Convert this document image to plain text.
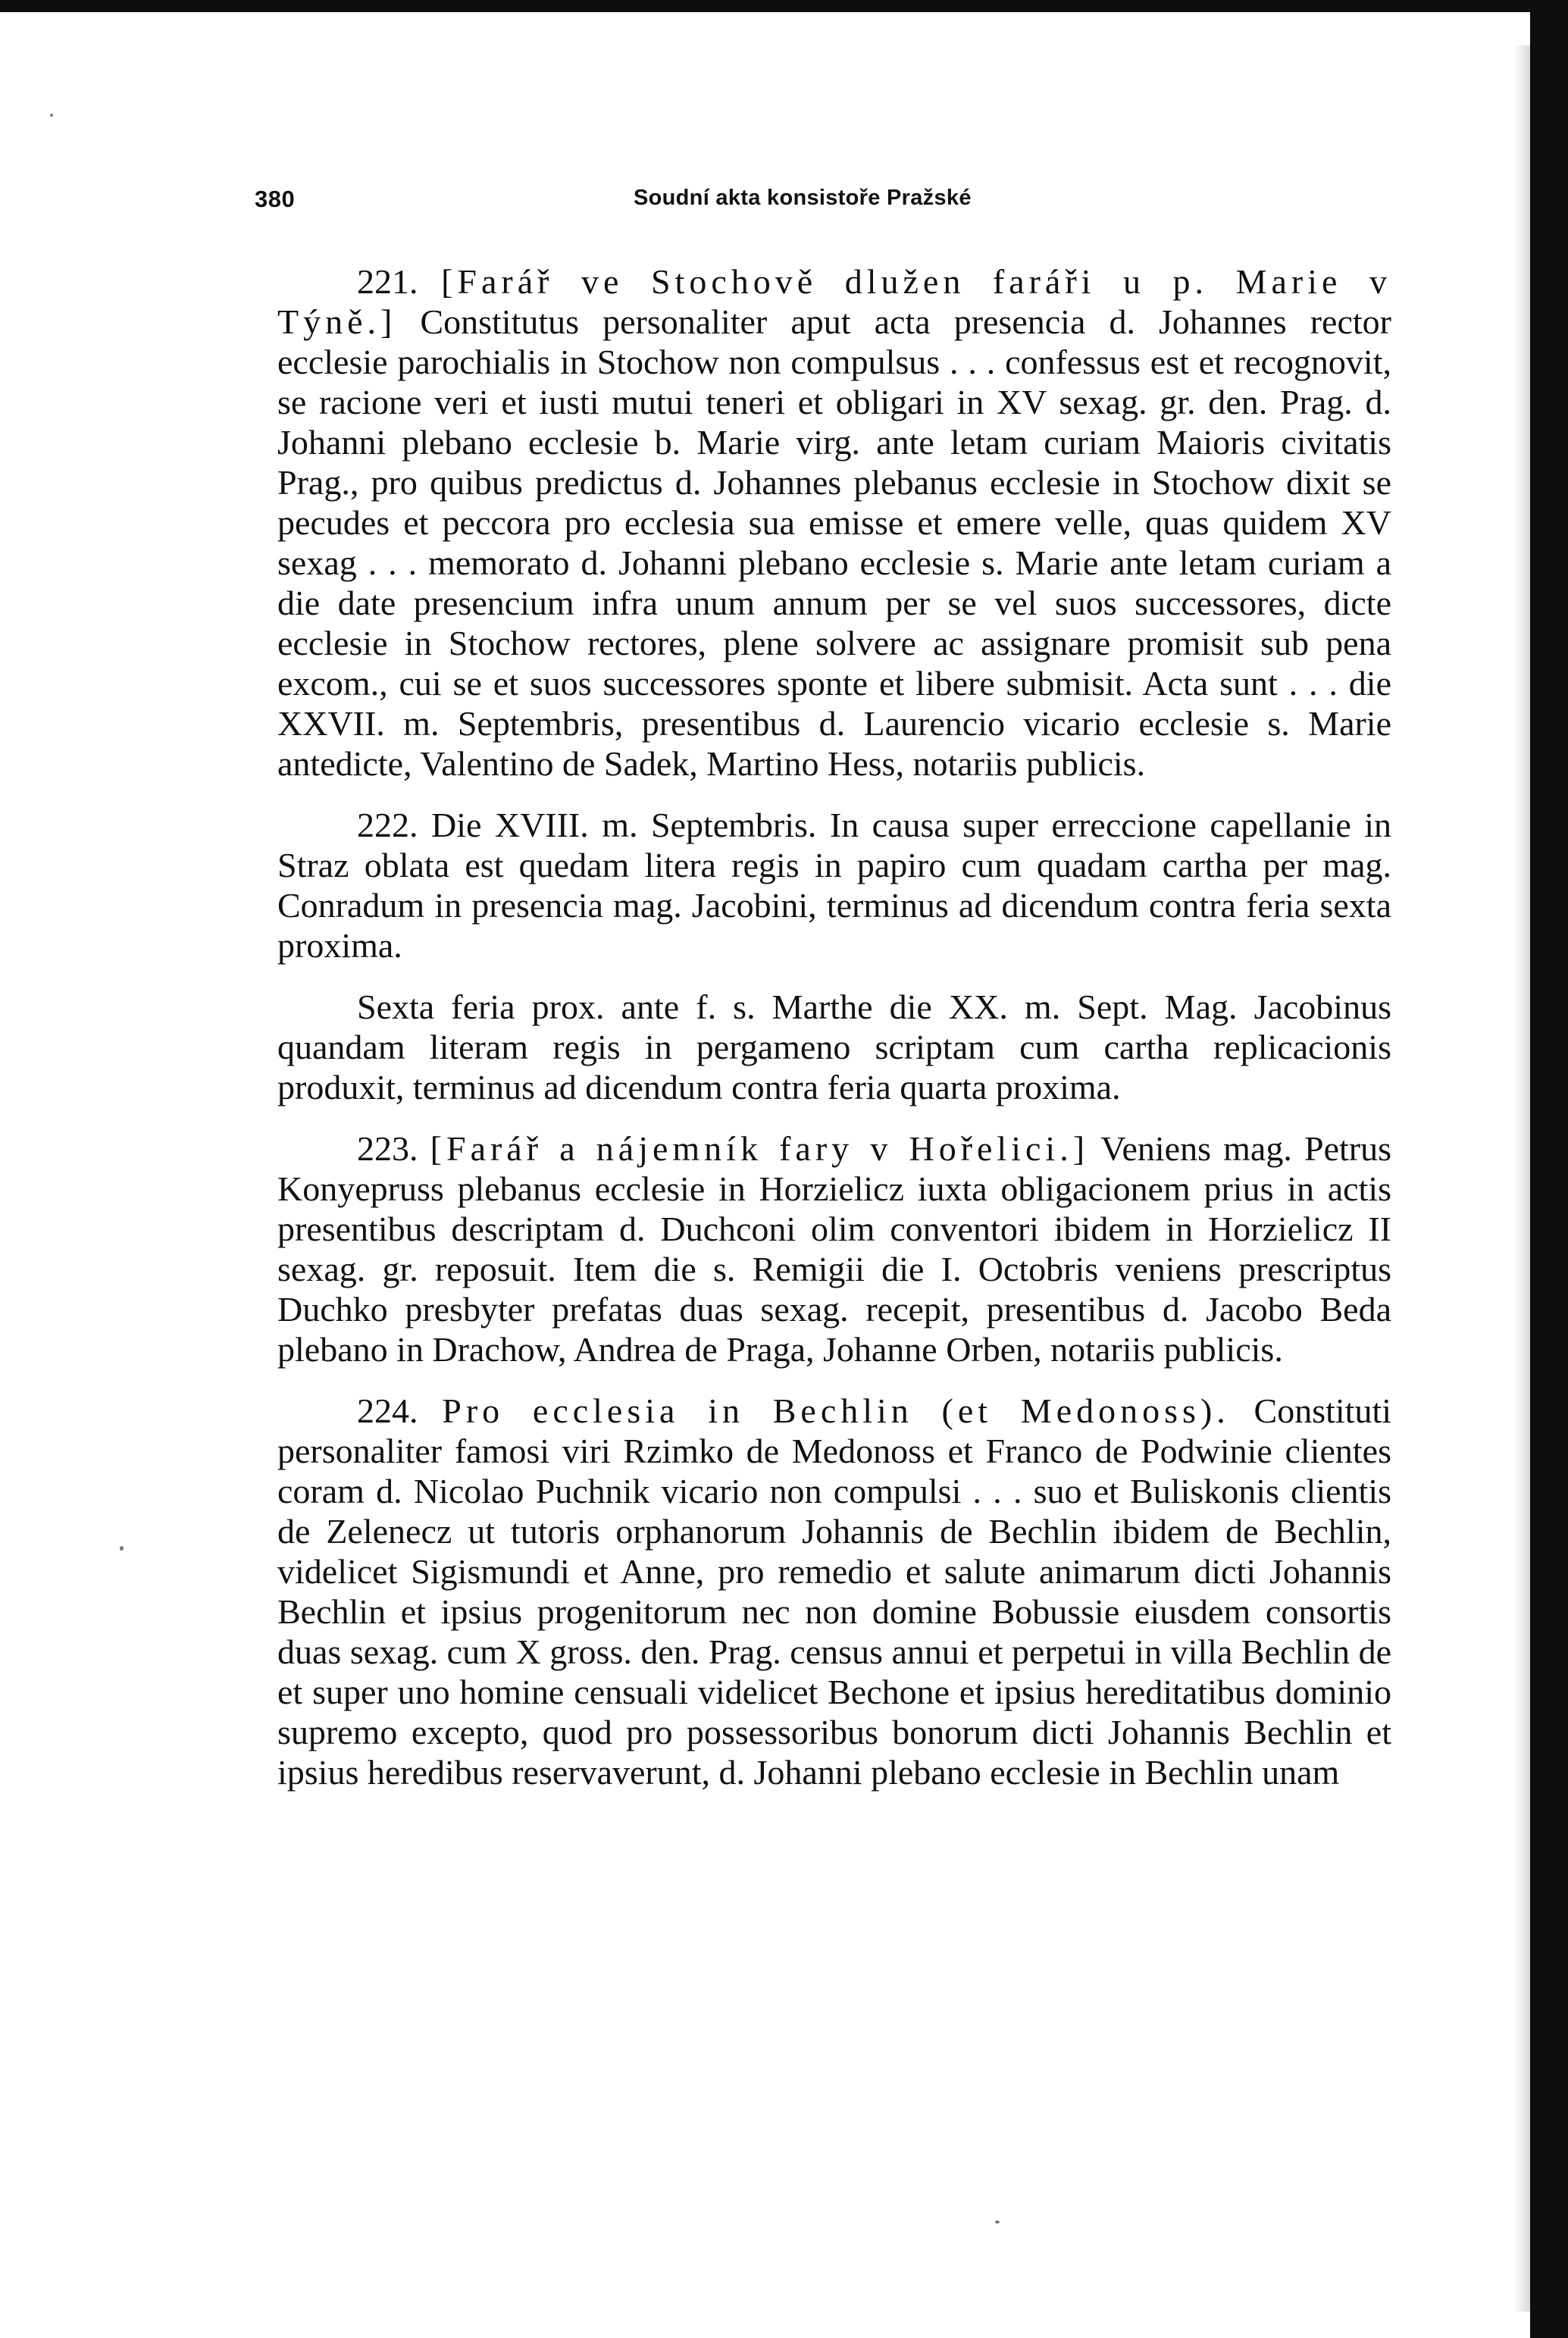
380	Soudní akta konsistoře Pražské

221. [Farář ve Stochově dlužen faráři u p. Marie v Týně.] Constitutus personaliter aput acta presencia d. Johannes rector ecclesie parochialis in Stochow non compulsus . . . confessus est et recognovit, se racione veri et iusti mutui teneri et obligari in XV sexag. gr. den. Prag. d. Johanni plebano ecclesie b. Marie virg. ante letam curiam Maioris civitatis Prag., pro quibus predictus d. Johannes plebanus ecclesie in Stochow dixit se pecudes et peccora pro ecclesia sua emisse et emere velle, quas quidem XV sexag . . . memorato d. Johanni plebano ecclesie s. Marie ante letam curiam a die date presencium infra unum annum per se vel suos successores, dicte ecclesie in Stochow rectores, plene solvere ac assignare promisit sub pena excom., cui se et suos successores sponte et libere submisit. Acta sunt . . . die XXVII. m. Septembris, presentibus d. Laurencio vicario ecclesie s. Marie antedicte, Valentino de Sadek, Martino Hess, notariis publicis.

222. Die XVIII. m. Septembris. In causa super erreccione capellanie in Straz oblata est quedam litera regis in papiro cum quadam cartha per mag. Conradum in presencia mag. Jacobini, terminus ad dicendum contra feria sexta proxima.

Sexta feria prox. ante f. s. Marthe die XX. m. Sept. Mag. Jacobinus quandam literam regis in pergameno scriptam cum cartha replicacionis produxit, terminus ad dicendum contra feria quarta proxima.

223. [Farář a nájemník fary v Hořelici.] Veniens mag. Petrus Konyepruss plebanus ecclesie in Horzielicz iuxta obligacionem prius in actis presentibus descriptam d. Duchconi olim conventori ibidem in Horzielicz II sexag. gr. reposuit. Item die s. Remigii die I. Octobris veniens prescriptus Duchko presbyter prefatas duas sexag. recepit, presentibus d. Jacobo Beda plebano in Drachow, Andrea de Praga, Johanne Orben, notariis publicis.

224. Pro ecclesia in Bechlin (et Medonoss). Constituti personaliter famosi viri Rzimko de Medonoss et Franco de Podwinie clientes coram d. Nicolao Puchnik vicario non compulsi . . . suo et Buliskonis clientis de Zelenecz ut tutoris orphanorum Johannis de Bechlin ibidem de Bechlin, videlicet Sigismundi et Anne, pro remedio et salute animarum dicti Johannis Bechlin et ipsius progenitorum nec non domine Bobussie eiusdem consortis duas sexag. cum X gross. den. Prag. census annui et perpetui in villa Bechlin de et super uno homine censuali videlicet Bechone et ipsius hereditatibus dominio supremo excepto, quod pro possessoribus bonorum dicti Johannis Bechlin et ipsius heredibus reservaverunt, d. Johanni plebano ecclesie in Bechlin unam
